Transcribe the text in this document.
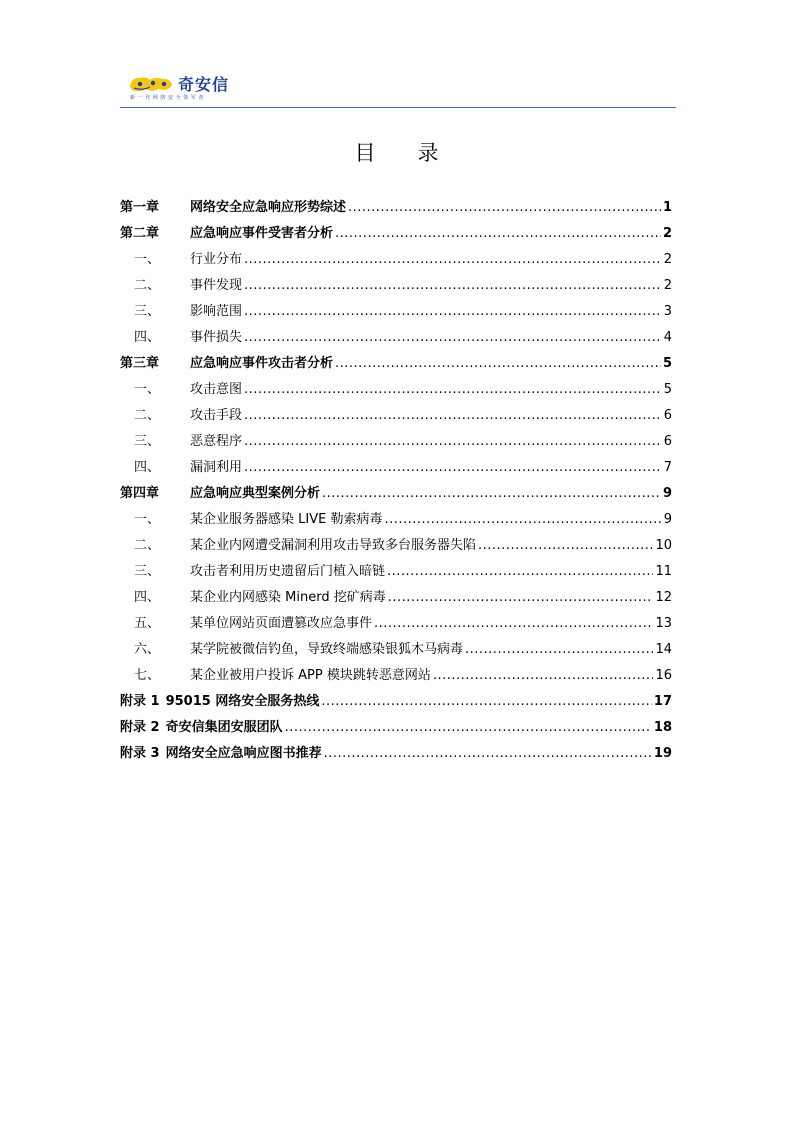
奇安信
新一代网络安全领军者
目 录
第一章	网络安全应急响应形势综述 .....	1
第二章	应急响应事件受害者分析 .....	2
一、	行业分布 .....	2
二、	事件发现 .....	2
三、	影响范围 .....	3
四、	事件损失 .....	4
第三章	应急响应事件攻击者分析 .....	5
一、	攻击意图 .....	5
二、	攻击手段 .....	6
三、	恶意程序 .....	6
四、	漏洞利用 .....	7
第四章	应急响应典型案例分析 .....	9
一、	某企业服务器感染 LIVE 勒索病毒 .....	9
二、	某企业内网遭受漏洞利用攻击导致多台服务器失陷 .....	10
三、	攻击者利用历史遗留后门植入暗链 .....	11
四、	某企业内网感染 Minerd 挖矿病毒 .....	12
五、	某单位网站页面遭篡改应急事件 .....	13
六、	某学院被微信钓鱼，导致终端感染银狐木马病毒 .....	14
七、	某企业被用户投诉 APP 模块跳转恶意网站 .....	16
附录 1 95015 网络安全服务热线 .....	17
附录 2 奇安信集团安服团队 .....	18
附录 3 网络安全应急响应图书推荐 .....	19
